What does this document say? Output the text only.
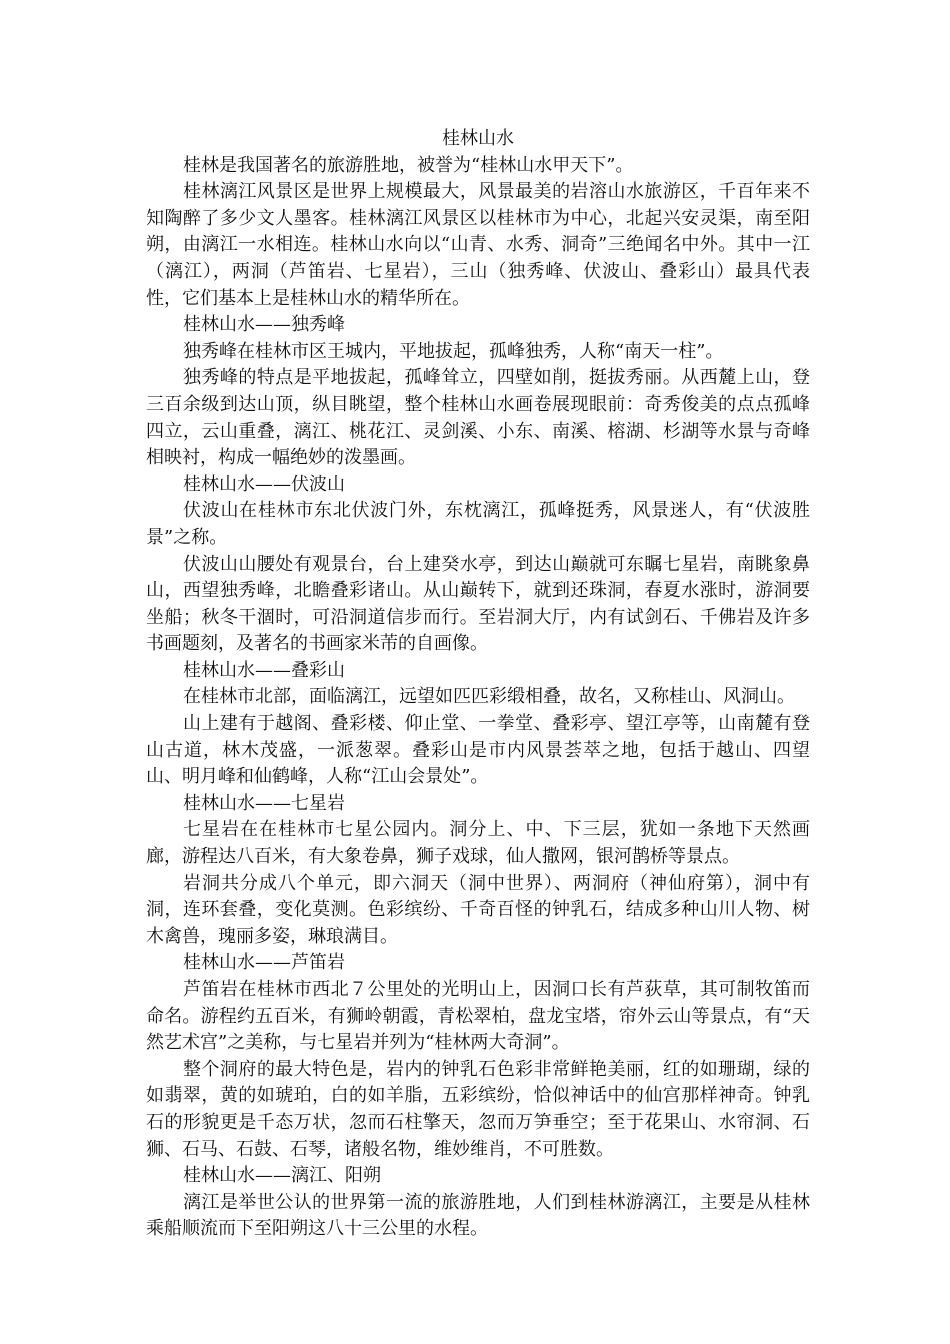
桂林山水

桂林是我国著名的旅游胜地，被誉为“桂林山水甲天下”。

桂林漓江风景区是世界上规模最大，风景最美的岩溶山水旅游区，千百年来不知陶醉了多少文人墨客。桂林漓江风景区以桂林市为中心，北起兴安灵渠，南至阳朔，由漓江一水相连。桂林山水向以“山青、水秀、洞奇”三绝闻名中外。其中一江（漓江），两洞（芦笛岩、七星岩），三山（独秀峰、伏波山、叠彩山）最具代表性，它们基本上是桂林山水的精华所在。

桂林山水——独秀峰

独秀峰在桂林市区王城内，平地拔起，孤峰独秀，人称“南天一柱”。

独秀峰的特点是平地拔起，孤峰耸立，四壁如削，挺拔秀丽。从西麓上山，登三百余级到达山顶，纵目眺望，整个桂林山水画卷展现眼前：奇秀俊美的点点孤峰四立，云山重叠，漓江、桃花江、灵剑溪、小东、南溪、榕湖、杉湖等水景与奇峰相映衬，构成一幅绝妙的泼墨画。

桂林山水——伏波山

伏波山在桂林市东北伏波门外，东枕漓江，孤峰挺秀，风景迷人，有“伏波胜景”之称。

伏波山山腰处有观景台，台上建癸水亭，到达山巅就可东瞩七星岩，南眺象鼻山，西望独秀峰，北瞻叠彩诸山。从山巅转下，就到还珠洞，春夏水涨时，游洞要坐船；秋冬干涸时，可沿洞道信步而行。至岩洞大厅，内有试剑石、千佛岩及许多书画题刻，及著名的书画家米芾的自画像。

桂林山水——叠彩山

在桂林市北部，面临漓江，远望如匹匹彩缎相叠，故名，又称桂山、风洞山。

山上建有于越阁、叠彩楼、仰止堂、一拳堂、叠彩亭、望江亭等，山南麓有登山古道，林木茂盛，一派葱翠。叠彩山是市内风景荟萃之地，包括于越山、四望山、明月峰和仙鹤峰，人称“江山会景处”。

桂林山水——七星岩

七星岩在在桂林市七星公园内。洞分上、中、下三层，犹如一条地下天然画廊，游程达八百米，有大象卷鼻，狮子戏球，仙人撒网，银河鹊桥等景点。

岩洞共分成八个单元，即六洞天（洞中世界）、两洞府（神仙府第），洞中有洞，连环套叠，变化莫测。色彩缤纷、千奇百怪的钟乳石，结成多种山川人物、树木禽兽，瑰丽多姿，琳琅满目。

桂林山水——芦笛岩

芦笛岩在桂林市西北７公里处的光明山上，因洞口长有芦荻草，其可制牧笛而命名。游程约五百米，有狮岭朝霞，青松翠柏，盘龙宝塔，帘外云山等景点，有“天然艺术宫”之美称，与七星岩并列为“桂林两大奇洞”。

整个洞府的最大特色是，岩内的钟乳石色彩非常鲜艳美丽，红的如珊瑚，绿的如翡翠，黄的如琥珀，白的如羊脂，五彩缤纷，恰似神话中的仙宫那样神奇。钟乳石的形貌更是千态万状，忽而石柱擎天，忽而万笋垂空；至于花果山、水帘洞、石狮、石马、石鼓、石琴，诸般名物，维妙维肖，不可胜数。

桂林山水——漓江、阳朔

漓江是举世公认的世界第一流的旅游胜地，人们到桂林游漓江，主要是从桂林乘船顺流而下至阳朔这八十三公里的水程。
